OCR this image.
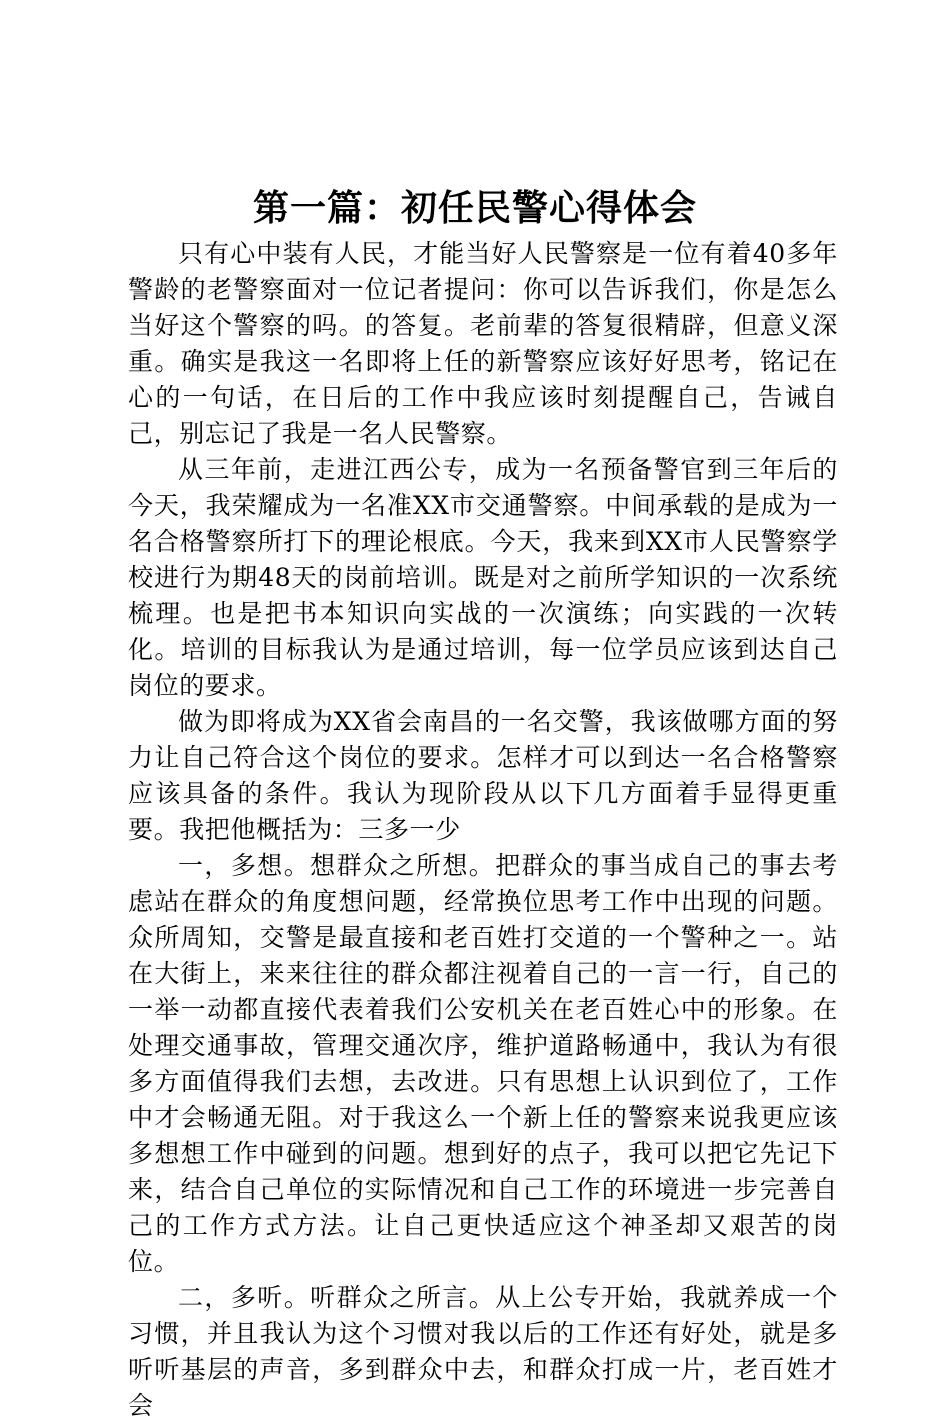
第一篇：初任民警心得体会

只有心中装有人民，才能当好人民警察是一位有着40多年警龄的老警察面对一位记者提问：你可以告诉我们，你是怎么当好这个警察的吗。的答复。老前辈的答复很精辟，但意义深重。确实是我这一名即将上任的新警察应该好好思考，铭记在心的一句话，在日后的工作中我应该时刻提醒自己，告诫自己，别忘记了我是一名人民警察。

从三年前，走进江西公专，成为一名预备警官到三年后的今天，我荣耀成为一名准XX市交通警察。中间承载的是成为一名合格警察所打下的理论根底。今天，我来到XX市人民警察学校进行为期48天的岗前培训。既是对之前所学知识的一次系统梳理。也是把书本知识向实战的一次演练；向实践的一次转化。培训的目标我认为是通过培训，每一位学员应该到达自己岗位的要求。

做为即将成为XX省会南昌的一名交警，我该做哪方面的努力让自己符合这个岗位的要求。怎样才可以到达一名合格警察应该具备的条件。我认为现阶段从以下几方面着手显得更重要。我把他概括为：三多一少

一，多想。想群众之所想。把群众的事当成自己的事去考虑站在群众的角度想问题，经常换位思考工作中出现的问题。众所周知，交警是最直接和老百姓打交道的一个警种之一。站在大街上，来来往往的群众都注视着自己的一言一行，自己的一举一动都直接代表着我们公安机关在老百姓心中的形象。在处理交通事故，管理交通次序，维护道路畅通中，我认为有很多方面值得我们去想，去改进。只有思想上认识到位了，工作中才会畅通无阻。对于我这么一个新上任的警察来说我更应该多想想工作中碰到的问题。想到好的点子，我可以把它先记下来，结合自己单位的实际情况和自己工作的环境进一步完善自己的工作方式方法。让自己更快适应这个神圣却又艰苦的岗位。

二，多听。听群众之所言。从上公专开始，我就养成一个习惯，并且我认为这个习惯对我以后的工作还有好处，就是多听听基层的声音，多到群众中去，和群众打成一片，老百姓才会
